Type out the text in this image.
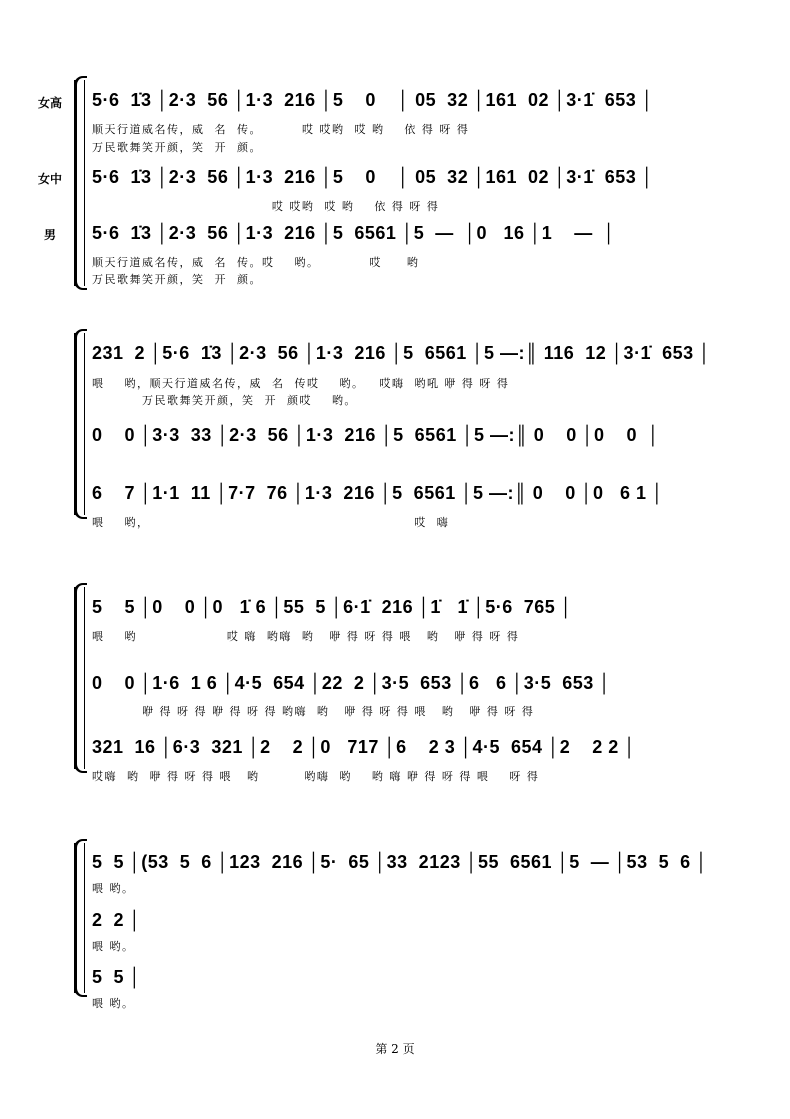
女高
女中
男
5·6  1̇3 │2·3  56 │1·3  216 │5    0    │ 05  32 │161  02 │3·1̇  653 │
顺天行道威名传，威  名  传。        哎 哎哟  哎 哟    依 得 呀 得
万民歌舞笑开颜，笑  开  颜。
5·6  1̇3 │2·3  56 │1·3  216 │5    0    │ 05  32 │161  02 │3·1̇  653 │
哎 哎哟  哎 哟    依 得 呀 得
5·6  1̇3 │2·3  56 │1·3  216 │5  6561 │5  —  │0   16 │1    —  │
顺天行道威名传，威  名  传。哎    哟。          哎     哟
万民歌舞笑开颜，笑  开  颜。
231  2 │5·6  1̇3 │2·3  56 │1·3  216 │5  6561 │5 —:║ 116  12 │3·1̇  653 │
喂    哟，顺天行道威名传，威  名  传哎    哟。   哎嗨  哟吼 咿 得 呀 得
万民歌舞笑开颜，笑  开  颜哎    哟。
0    0 │3·3  33 │2·3  56 │1·3  216 │5  6561 │5 —:║ 0    0 │0    0  │
6    7 │1·1  11 │7·7  76 │1·3  216 │5  6561 │5 —:║ 0    0 │0   6 1 │
喂    哟，                                                     哎  嗨
5    5 │0    0 │0   1̇ 6 │55  5 │6·1̇  216 │1̇   1̇ │5·6  765 │
喂    哟                  哎 嗨  哟嗨  哟   咿 得 呀 得 喂   哟   咿 得 呀 得
0    0 │1·6  1 6 │4·5  654 │22  2 │3·5  653 │6   6 │3·5  653 │
咿 得 呀 得 咿 得 呀 得 哟嗨  哟   咿 得 呀 得 喂   哟   咿 得 呀 得
321  16 │6·3  321 │2    2 │0   717 │6    2 3 │4·5  654 │2    2 2 │
哎嗨  哟  咿 得 呀 得 喂   哟         哟嗨  哟    哟 嗨 咿 得 呀 得 喂    呀 得
5  5 │(53  5  6 │123  216 │5·  65 │33  2123 │55  6561 │5  — │53  5  6 │
喂 哟。
2  2 │
喂 哟。
5  5 │
喂 哟。
第 2 页
